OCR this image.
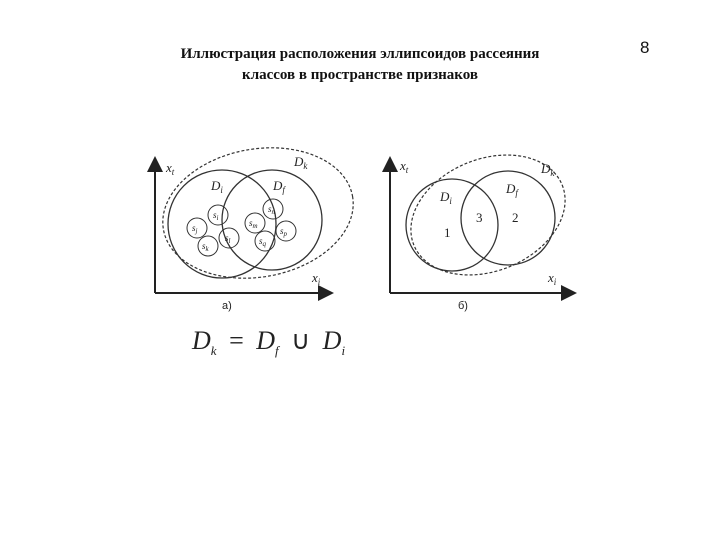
Иллюстрация расположения эллипсоидов рассеяния
классов в пространстве признаков
8
$x_t$
$x_i$
$D_k$
$D_i$	$D_f$
$s_i$
$s_j$
$s_l$
$s_k$
$s_n$
$s_m$ $s_p$
$s_q$
а)
$x_t$
$x_i$
$D_k$
$D_i$
$D_f$
1
3 2
б)
$D_k = D_f$ ∪ $D_i$
